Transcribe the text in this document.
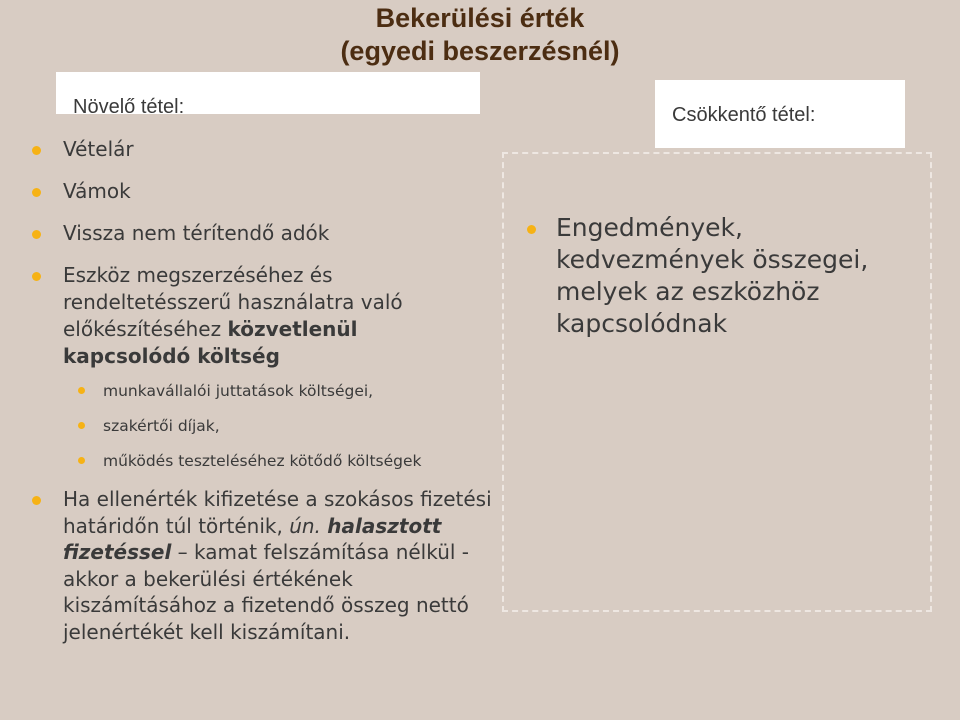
Bekerülési érték
(egyedi beszerzésnél)
Növelő tétel:	Csökkentő tétel:
Vételár
Vámok
Vissza nem térítendő adók
Eszköz megszerzéséhez és rendeltetésszerű használatra való előkészítéséhez közvetlenül kapcsolódó költség
munkavállalói juttatások költségei,
szakértői díjak,
működés teszteléséhez kötődő költségek
Ha ellenérték kifizetése a szokásos fizetési határidőn túl történik, ún. halasztott fizetéssel – kamat felszámítása nélkül - akkor a bekerülési értékének kiszámításához a fizetendő összeg nettó jelenértékét kell kiszámítani.
Engedmények, kedvezmények összegei, melyek az eszközhöz kapcsolódnak
